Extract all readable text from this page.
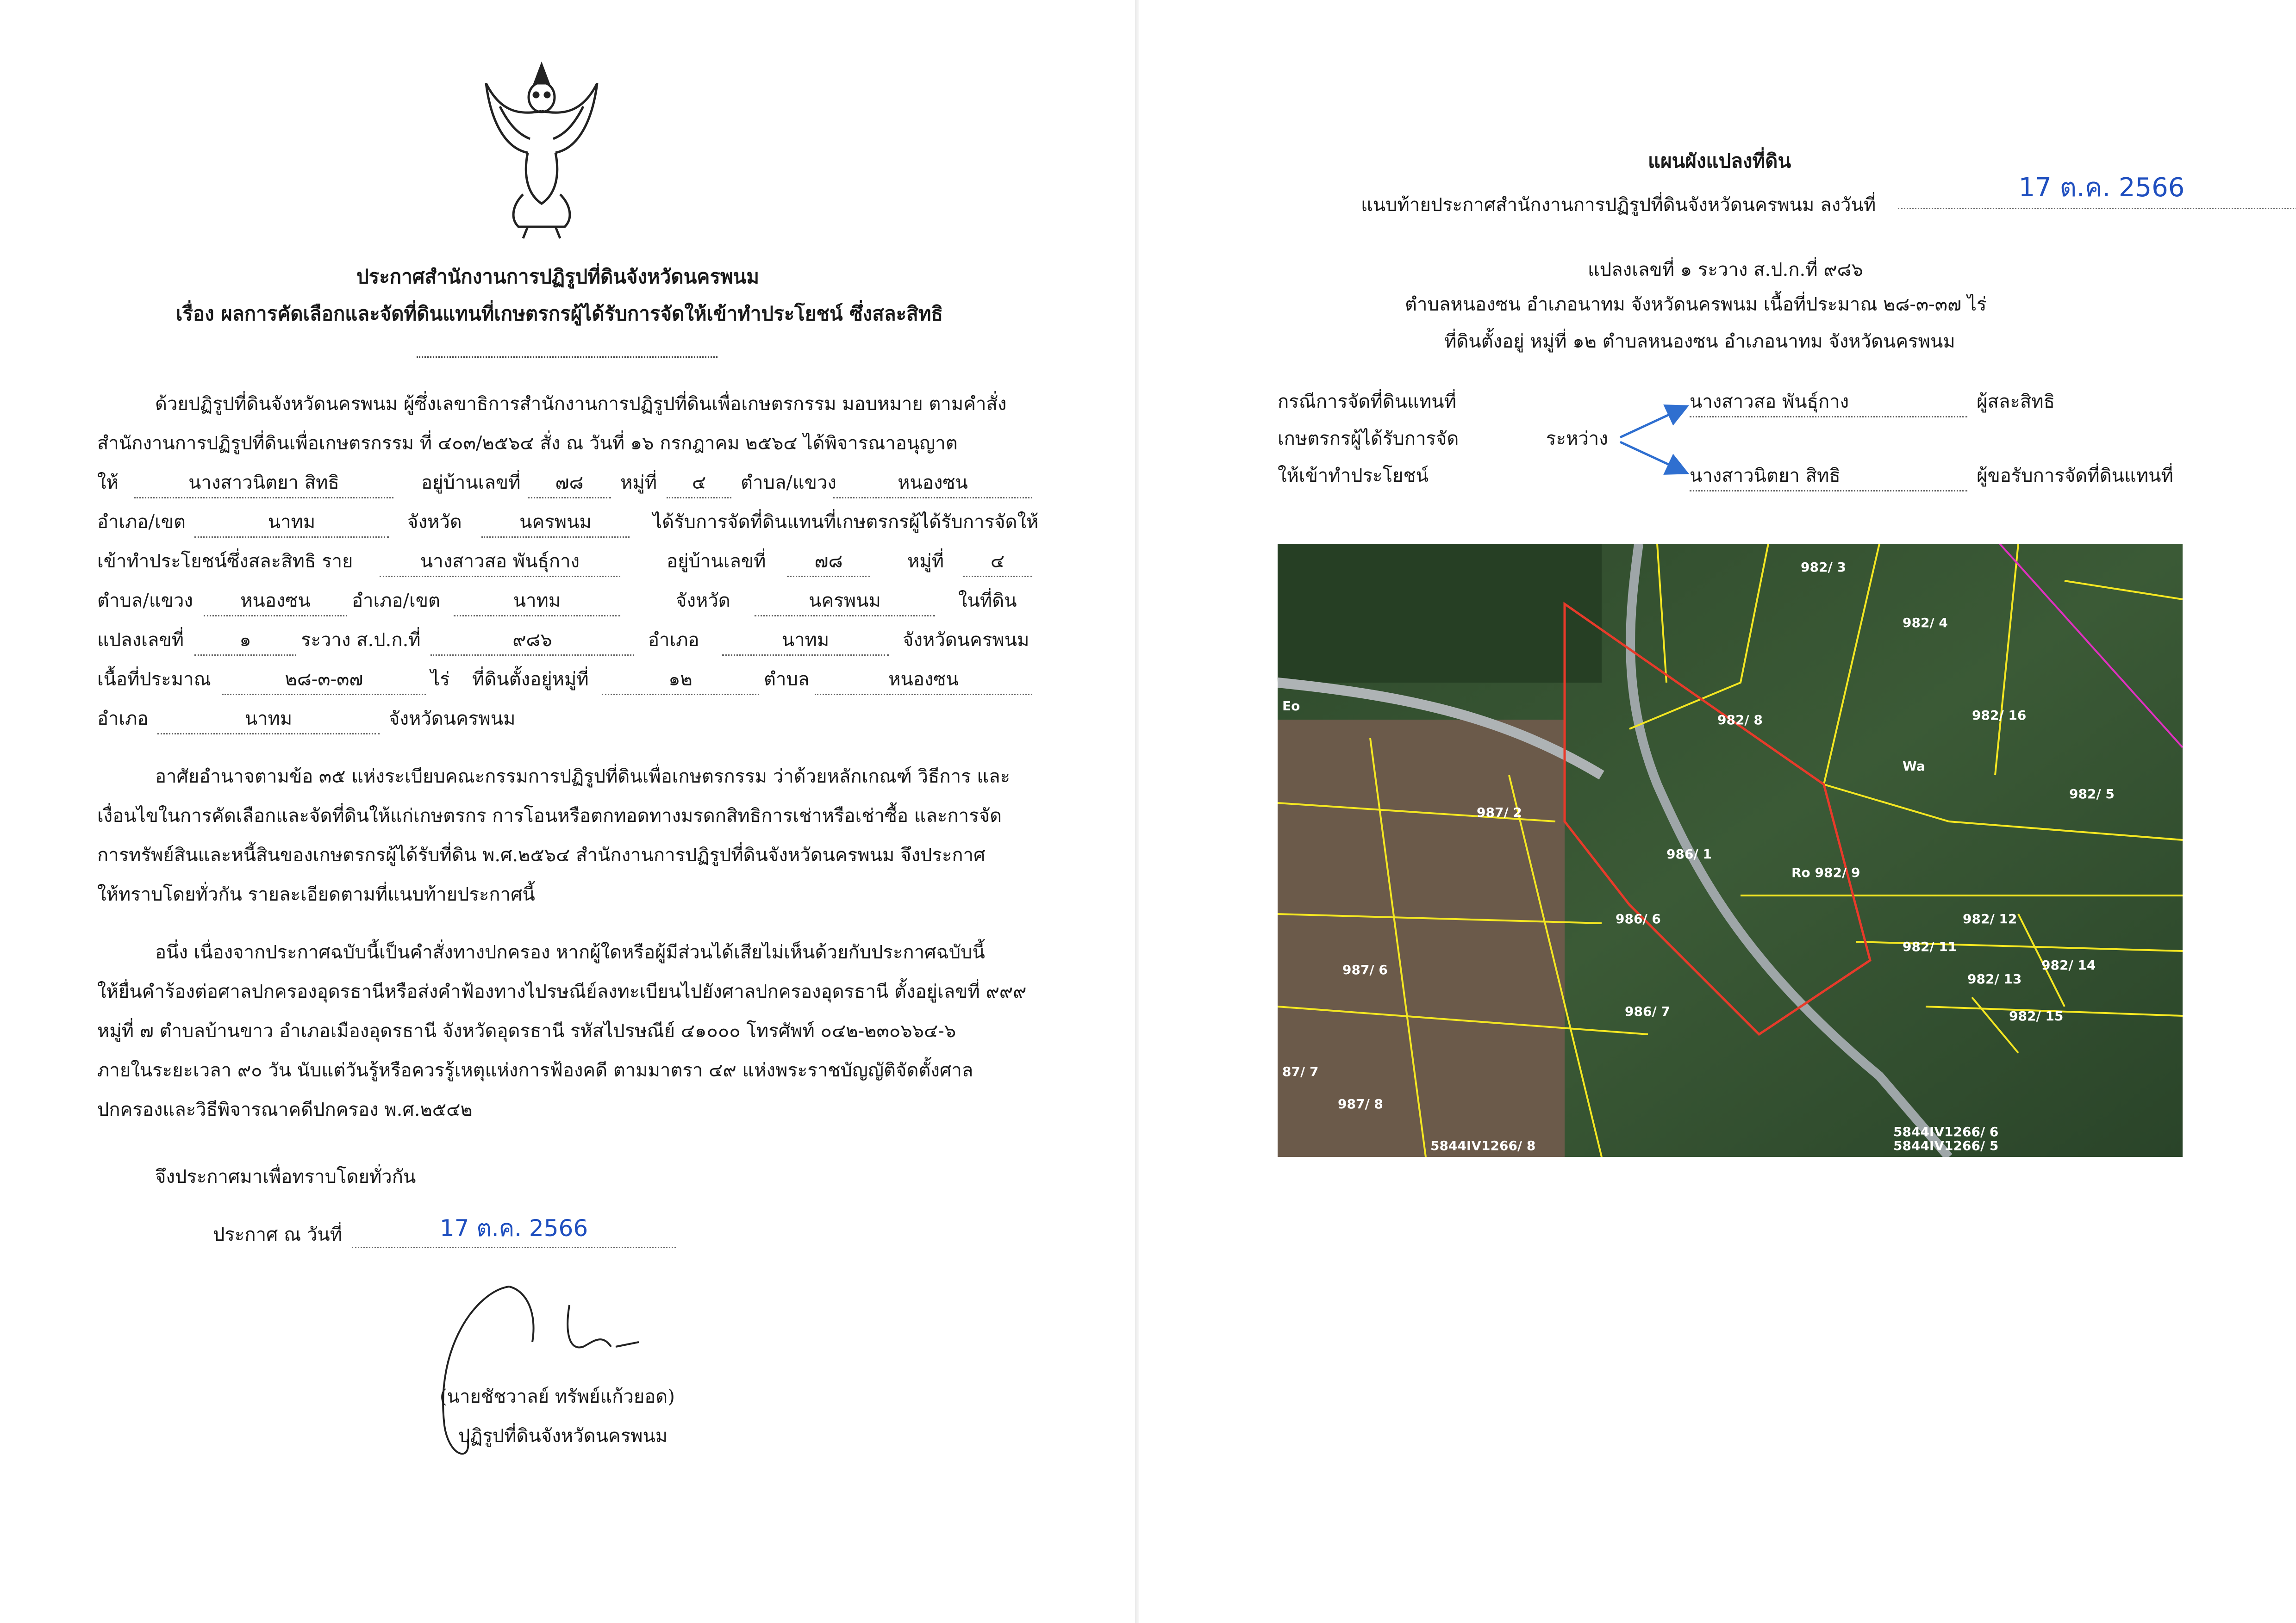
ประกาศสำนักงานการปฏิรูปที่ดินจังหวัดนครพนม
เรื่อง ผลการคัดเลือกและจัดที่ดินแทนที่เกษตรกรผู้ได้รับการจัดให้เข้าทำประโยชน์ ซึ่งสละสิทธิ
ด้วยปฏิรูปที่ดินจังหวัดนครพนม ผู้ซึ่งเลขาธิการสำนักงานการปฏิรูปที่ดินเพื่อเกษตรกรรม มอบหมาย ตามคำสั่ง
สำนักงานการปฏิรูปที่ดินเพื่อเกษตรกรรม ที่ ๔๐๓/๒๕๖๔ สั่ง ณ วันที่ ๑๖ กรกฎาคม ๒๕๖๔ ได้พิจารณาอนุญาต
ให้	นางสาวนิตยา สิทธิ	อยู่บ้านเลขที่	๗๘	หมู่ที่	๔	ตำบล/แขวง	หนองซน
อำเภอ/เขต	นาทม	จังหวัด	นครพนม	ได้รับการจัดที่ดินแทนที่เกษตรกรผู้ได้รับการจัดให้
เข้าทำประโยชน์ซึ่งสละสิทธิ ราย	นางสาวสอ พันธุ์กาง	อยู่บ้านเลขที่	๗๘	หมู่ที่	๔
ตำบล/แขวง	หนองซน	อำเภอ/เขต	นาทม	จังหวัด	นครพนม	ในที่ดิน
แปลงเลขที่	๑	ระวาง ส.ป.ก.ที่	๙๘๖	อำเภอ	นาทม	จังหวัดนครพนม
เนื้อที่ประมาณ	๒๘-๓-๓๗	ไร่ ที่ดินตั้งอยู่หมู่ที่	๑๒	ตำบล	หนองซน
อำเภอ	นาทม	จังหวัดนครพนม
อาศัยอำนาจตามข้อ ๓๕ แห่งระเบียบคณะกรรมการปฏิรูปที่ดินเพื่อเกษตรกรรม ว่าด้วยหลักเกณฑ์ วิธีการ และ
เงื่อนไขในการคัดเลือกและจัดที่ดินให้แก่เกษตรกร การโอนหรือตกทอดทางมรดกสิทธิการเช่าหรือเช่าซื้อ และการจัด
การทรัพย์สินและหนี้สินของเกษตรกรผู้ได้รับที่ดิน พ.ศ.๒๕๖๔ สำนักงานการปฏิรูปที่ดินจังหวัดนครพนม จึงประกาศ
ให้ทราบโดยทั่วกัน รายละเอียดตามที่แนบท้ายประกาศนี้
อนึ่ง เนื่องจากประกาศฉบับนี้เป็นคำสั่งทางปกครอง หากผู้ใดหรือผู้มีส่วนได้เสียไม่เห็นด้วยกับประกาศฉบับนี้
ให้ยื่นคำร้องต่อศาลปกครองอุดรธานีหรือส่งคำฟ้องทางไปรษณีย์ลงทะเบียนไปยังศาลปกครองอุดรธานี ตั้งอยู่เลขที่ ๙๙๙
หมู่ที่ ๗ ตำบลบ้านขาว อำเภอเมืองอุดรธานี จังหวัดอุดรธานี รหัสไปรษณีย์ ๔๑๐๐๐ โทรศัพท์ ๐๔๒-๒๓๐๖๖๔-๖
ภายในระยะเวลา ๙๐ วัน นับแต่วันรู้หรือควรรู้เหตุแห่งการฟ้องคดี ตามมาตรา ๔๙ แห่งพระราชบัญญัติจัดตั้งศาล
ปกครองและวิธีพิจารณาคดีปกครอง พ.ศ.๒๕๔๒
จึงประกาศมาเพื่อทราบโดยทั่วกัน
ประกาศ ณ วันที่	17 ต.ค. 2566
(นายชัชวาลย์ ทรัพย์แก้วยอด)
ปฏิรูปที่ดินจังหวัดนครพนม
แผนผังแปลงที่ดิน
แนบท้ายประกาศสำนักงานการปฏิรูปที่ดินจังหวัดนครพนม ลงวันที่
17 ต.ค. 2566
แปลงเลขที่ ๑ ระวาง ส.ป.ก.ที่ ๙๘๖
ตำบลหนองซน อำเภอนาทม จังหวัดนครพนม เนื้อที่ประมาณ ๒๘-๓-๓๗ ไร่
ที่ดินตั้งอยู่ หมู่ที่ ๑๒ ตำบลหนองซน อำเภอนาทม จังหวัดนครพนม
กรณีการจัดที่ดินแทนที่
เกษตรกรผู้ได้รับการจัด
ให้เข้าทำประโยชน์
ระหว่าง
นางสาวสอ พันธุ์กาง	ผู้สละสิทธิ
นางสาวนิตยา สิทธิ	ผู้ขอรับการจัดที่ดินแทนที่
982/ 3
982/ 4
982/ 8	982/ 16
Wa
982/ 5
987/ 2
986/ 1
Ro 982/ 9
982/ 12
986/ 6
982/ 11
982/ 14
987/ 6
982/ 13
986/ 7	982/ 15
87/ 7
987/ 8
5844IV1266/ 8
5844IV1266/ 6
5844IV1266/ 5
Eo
